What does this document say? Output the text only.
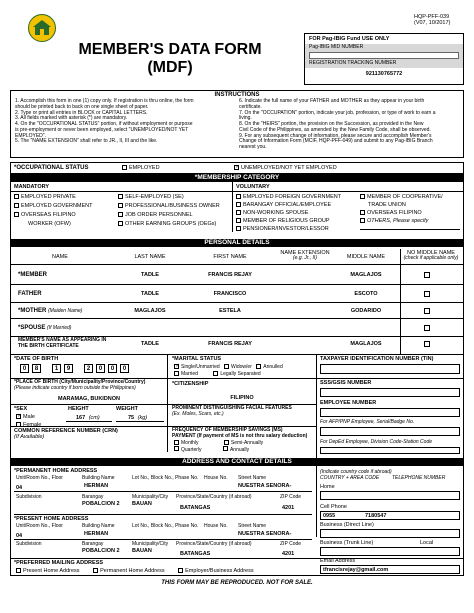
MEMBER'S DATA FORM
(MDF)
HQP-PFF-039
(V07, 10/2017)
FOR Pag-IBIG Fund USE ONLY
Pag-IBIG MID NUMBER
REGISTRATION TRACKING NUMBER
921130765772
INSTRUCTIONS
1. Accomplish this form in one (1) copy only. If registration is thru online, the form
should be printed back to back on one single sheet of paper.
2. Type or print all entries in BLOCK or CAPITAL LETTERS.
3. All fields marked with asterisk (*) are mandatory.
4. On the "OCCUPATIONAL STATUS" portion, if without employment or purpose
is pre-employment or never been employed, select "UNEMPLOYED/NOT YET
EMPLOYED".
5. The "NAME EXTENSION" shall refer to JR., II, III and the like.
6. Indicate the full name of your FATHER and MOTHER as they appear in your birth
certificate.
7. On the "OCCUPATION" portion, indicate your job, profession, or type of work to earn a
living.
8. On the "HEIRS" portion, the provision on the Succession, as provided in the New
Civil Code of the Philippines, as amended by the New Family Code, shall be observed.
9. For any subsequent change of information, please secure and accomplish Member's
Change of Information Form (MCIF, HQP-PFF-049) and submit to any Pag-IBIG Branch
nearest you.
*OCCUPATIONAL STATUS	EMPLOYED
✓	UNEMPLOYED/NOT YET EMPLOYED
*MEMBERSHIP CATEGORY
MANDATORY	VOLUNTARY
EMPLOYED PRIVATE
EMPLOYED GOVERNMENT
OVERSEAS FILIPINO
WORKER (OFW)
SELF-EMPLOYED (SE)
PROFESSIONAL/BUSINESS OWNER
JOB ORDER PERSONNEL
OTHER EARNING GROUPS (OEGs)
EMPLOYED FOREIGN GOVERNMENT
BARANGAY OFFICIAL/EMPLOYEE
NON-WORKING SPOUSE
MEMBER OF RELIGIOUS GROUP
PENSIONER/INVESTOR/LESSOR
MEMBER OF COOPERATIVE/
TRADE UNION
OVERSEAS FILIPINO
OTHERS, Please specify
PERSONAL DETAILS
NAME	LAST NAME	FIRST NAME
NAME EXTENSION
(e.g. Jr., II)	MIDDLE NAME
NO MIDDLE NAME
(check if applicable only)
*MEMBER	TADLE	FRANCIS REJAY	MAGLAJOS
FATHER	TADLE	FRANCISCO	ESCOTO
*MOTHER (Maiden Name)	MAGLAJOS	ESTELA	GODARIDO
*SPOUSE (If Married)
MEMBER'S NAME AS APPEARING IN THE BIRTH CERTIFICATE	TADLE	FRANCIS REJAY	MAGLAJOS
*DATE OF BIRTH
0	8	1	9	2	0	0	0
*MARITAL STATUS
✓Single/Unmarried Widow/er Annulled
Married	Legally Separated
TAXPAYER IDENTIFICATION NUMBER (TIN)
*PLACE OF BIRTH (City/Municipality/Province/Country)
(Please indicate country if born outside the Philippines)
MARAMAG, BUKIDNON
*CITIZENSHIP
FILIPINO
SSS/GSIS NUMBER
EMPLOYEE NUMBER
*SEX
✓Male
Female
HEIGHT
167 (cm)
WEIGHT
75 (kg)
PROMINENT DISTINGUISHING FACIAL FEATURES
(Ex. Moles, Scars, etc.)
For AFP/PNP Employee, Serial/Badge No.
COMMON REFERENCE NUMBER (CRN)
(If Available)
FREQUENCY OF MEMBERSHIP SAVINGS (MS)
PAYMENT (If payment of MS is not thru salary deduction)
Monthly	Semi-Annually
Quarterly	Annually
For DepEd Employee, Division Code-Station Code
ADDRESS AND CONTACT DETAILS
*PERMANENT HOME ADDRESS
Unit/Room No., Floor	Building Name	Lot No., Block No., Phase No. House No. Street Name
04	HERMAN	NUESTRA SENORA-
Subdivision	Barangay	Municipality/City Province/State/Country (if abroad)	ZIP Code
POBALCION 2 BAUAN
BATANGAS	4201
*PRESENT HOME ADDRESS
Unit/Room No., Floor	Building Name	Lot No., Block No., Phase No. House No. Street Name
04	HERMAN	NUESTRA SENORA-
Subdivision	Barangay	Municipality/City Province/State/Country (if abroad)	ZIP Code
POBALCION 2 BAUAN	BATANGAS	4201
*PREFERRED MAILING ADDRESS
Present Home Address	Permanent Home Address	Employer/Business Address
(Indicate country code if abroad)
COUNTRY + AREA CODE	TELEPHONE NUMBER
Home
Cell Phone
0955	7180547
Business (Direct Line)
Business (Trunk Line)	Local
Email Address
tfrancisrejay@gmail.com
THIS FORM MAY BE REPRODUCED. NOT FOR SALE.
